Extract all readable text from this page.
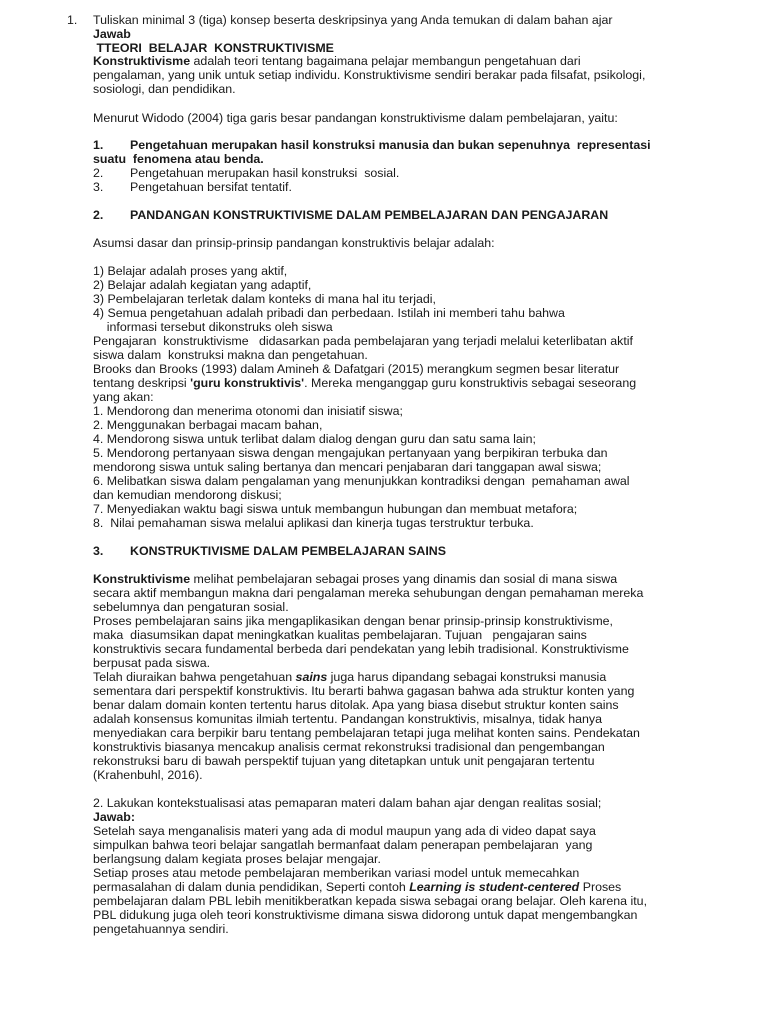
1. Tuliskan minimal 3 (tiga) konsep beserta deskripsinya yang Anda temukan di dalam bahan ajar
Jawab
TTEORI  BELAJAR  KONSTRUKTIVISME
Konstruktivisme adalah teori tentang bagaimana pelajar membangun pengetahuan dari
pengalaman, yang unik untuk setiap individu. Konstruktivisme sendiri berakar pada filsafat, psikologi,
sosiologi, dan pendidikan.
Menurut Widodo (2004) tiga garis besar pandangan konstruktivisme dalam pembelajaran, yaitu:
1. Pengetahuan merupakan hasil konstruksi manusia dan bukan sepenuhnya  representasi
suatu  fenomena atau benda.
2. Pengetahuan merupakan hasil konstruksi  sosial.
3. Pengetahuan bersifat tentatif.
2. PANDANGAN KONSTRUKTIVISME DALAM PEMBELAJARAN DAN PENGAJARAN
Asumsi dasar dan prinsip-prinsip pandangan konstruktivis belajar adalah:
1) Belajar adalah proses yang aktif,
2) Belajar adalah kegiatan yang adaptif,
3) Pembelajaran terletak dalam konteks di mana hal itu terjadi,
4) Semua pengetahuan adalah pribadi dan perbedaan. Istilah ini memberi tahu bahwa
informasi tersebut dikonstruks oleh siswa
Pengajaran  konstruktivisme   didasarkan pada pembelajaran yang terjadi melalui keterlibatan aktif
siswa dalam  konstruksi makna dan pengetahuan.
Brooks dan Brooks (1993) dalam Amineh & Dafatgari (2015) merangkum segmen besar literatur
tentang deskripsi 'guru konstruktivis'. Mereka menganggap guru konstruktivis sebagai seseorang
yang akan:
1. Mendorong dan menerima otonomi dan inisiatif siswa;
2. Menggunakan berbagai macam bahan,
4. Mendorong siswa untuk terlibat dalam dialog dengan guru dan satu sama lain;
5. Mendorong pertanyaan siswa dengan mengajukan pertanyaan yang berpikiran terbuka dan
mendorong siswa untuk saling bertanya dan mencari penjabaran dari tanggapan awal siswa;
6. Melibatkan siswa dalam pengalaman yang menunjukkan kontradiksi dengan  pemahaman awal
dan kemudian mendorong diskusi;
7. Menyediakan waktu bagi siswa untuk membangun hubungan dan membuat metafora;
8.  Nilai pemahaman siswa melalui aplikasi dan kinerja tugas terstruktur terbuka.
3. KONSTRUKTIVISME DALAM PEMBELAJARAN SAINS
Konstruktivisme melihat pembelajaran sebagai proses yang dinamis dan sosial di mana siswa
secara aktif membangun makna dari pengalaman mereka sehubungan dengan pemahaman mereka
sebelumnya dan pengaturan sosial.
Proses pembelajaran sains jika mengaplikasikan dengan benar prinsip-prinsip konstruktivisme,
maka  diasumsikan dapat meningkatkan kualitas pembelajaran. Tujuan   pengajaran sains
konstruktivis secara fundamental berbeda dari pendekatan yang lebih tradisional. Konstruktivisme
berpusat pada siswa.
Telah diuraikan bahwa pengetahuan sains juga harus dipandang sebagai konstruksi manusia
sementara dari perspektif konstruktivis. Itu berarti bahwa gagasan bahwa ada struktur konten yang
benar dalam domain konten tertentu harus ditolak. Apa yang biasa disebut struktur konten sains
adalah konsensus komunitas ilmiah tertentu. Pandangan konstruktivis, misalnya, tidak hanya
menyediakan cara berpikir baru tentang pembelajaran tetapi juga melihat konten sains. Pendekatan
konstruktivis biasanya mencakup analisis cermat rekonstruksi tradisional dan pengembangan
rekonstruksi baru di bawah perspektif tujuan yang ditetapkan untuk unit pengajaran tertentu
(Krahenbuhl, 2016).
2. Lakukan kontekstualisasi atas pemaparan materi dalam bahan ajar dengan realitas sosial;
Jawab:
Setelah saya menganalisis materi yang ada di modul maupun yang ada di video dapat saya
simpulkan bahwa teori belajar sangatlah bermanfaat dalam penerapan pembelajaran  yang
berlangsung dalam kegiata proses belajar mengajar.
Setiap proses atau metode pembelajaran memberikan variasi model untuk memecahkan
permasalahan di dalam dunia pendidikan, Seperti contoh Learning is student-centered Proses
pembelajaran dalam PBL lebih menitikberatkan kepada siswa sebagai orang belajar. Oleh karena itu,
PBL didukung juga oleh teori konstruktivisme dimana siswa didorong untuk dapat mengembangkan
pengetahuannya sendiri.
